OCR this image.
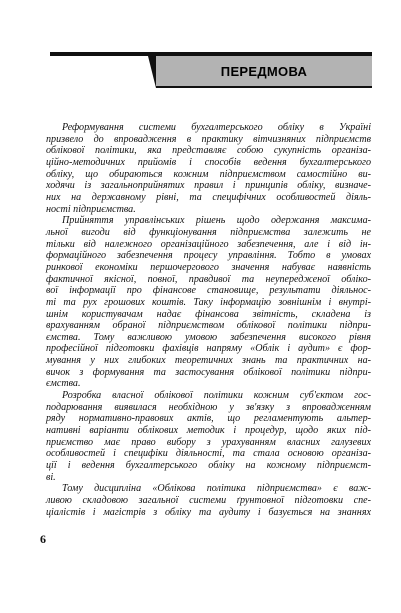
ПЕРЕДМОВА

Реформування системи бухгалтерського обліку в Україні
призвело до впровадження в практику вітчизняних підприємств
облікової політики, яка представляє собою сукупність організа-
ційно-методичних прийомів і способів ведення бухгалтерського
обліку, що обираються кожним підприємством самостійно ви-
ходячи із загальноприйнятих правил і принципів обліку, визначе-
них на державному рівні, та специфічних особливостей діяль-
ності підприємства.

Прийняття управлінських рішень щодо одержання максима-
льної вигоди від функціонування підприємства залежить не
тільки від належного організаційного забезпечення, але і від ін-
формаційного забезпечення процесу управління. Тобто в умовах
ринкової економіки першочергового значення набуває наявність
фактичної якісної, повної, правдивої та неупередженої обліко-
вої інформації про фінансове становище, результати діяльнос-
ті та рух грошових коштів. Таку інформацію зовнішнім і внутрі-
шнім користувачам надає фінансова звітність, складена із
врахуванням обраної підприємством облікової політики підпри-
ємства. Тому важливою умовою забезпечення високого рівня
професійної підготовки фахівців напряму «Облік і аудит» є фор-
мування у них глибоких теоретичних знань та практичних на-
вичок з формування та застосування облікової політики підпри-
ємства.

Розробка власної облікової політики кожним суб'єктом гос-
подарювання виявилася необхідною у зв'язку з впровадженням
ряду нормативно-правових актів, що регламентують альтер-
нативні варіанти облікових методик і процедур, щодо яких під-
приємство має право вибору з урахуванням власних галузевих
особливостей і специфіки діяльності, та стала основою організа-
ції і ведення бухгалтерського обліку на кожному підприємст-
ві.

Тому дисципліна «Облікова політика підприємства» є важ-
ливою складовою загальної системи ґрунтовної підготовки спе-
ціалістів і магістрів з обліку та аудиту і базується на знаннях

6
